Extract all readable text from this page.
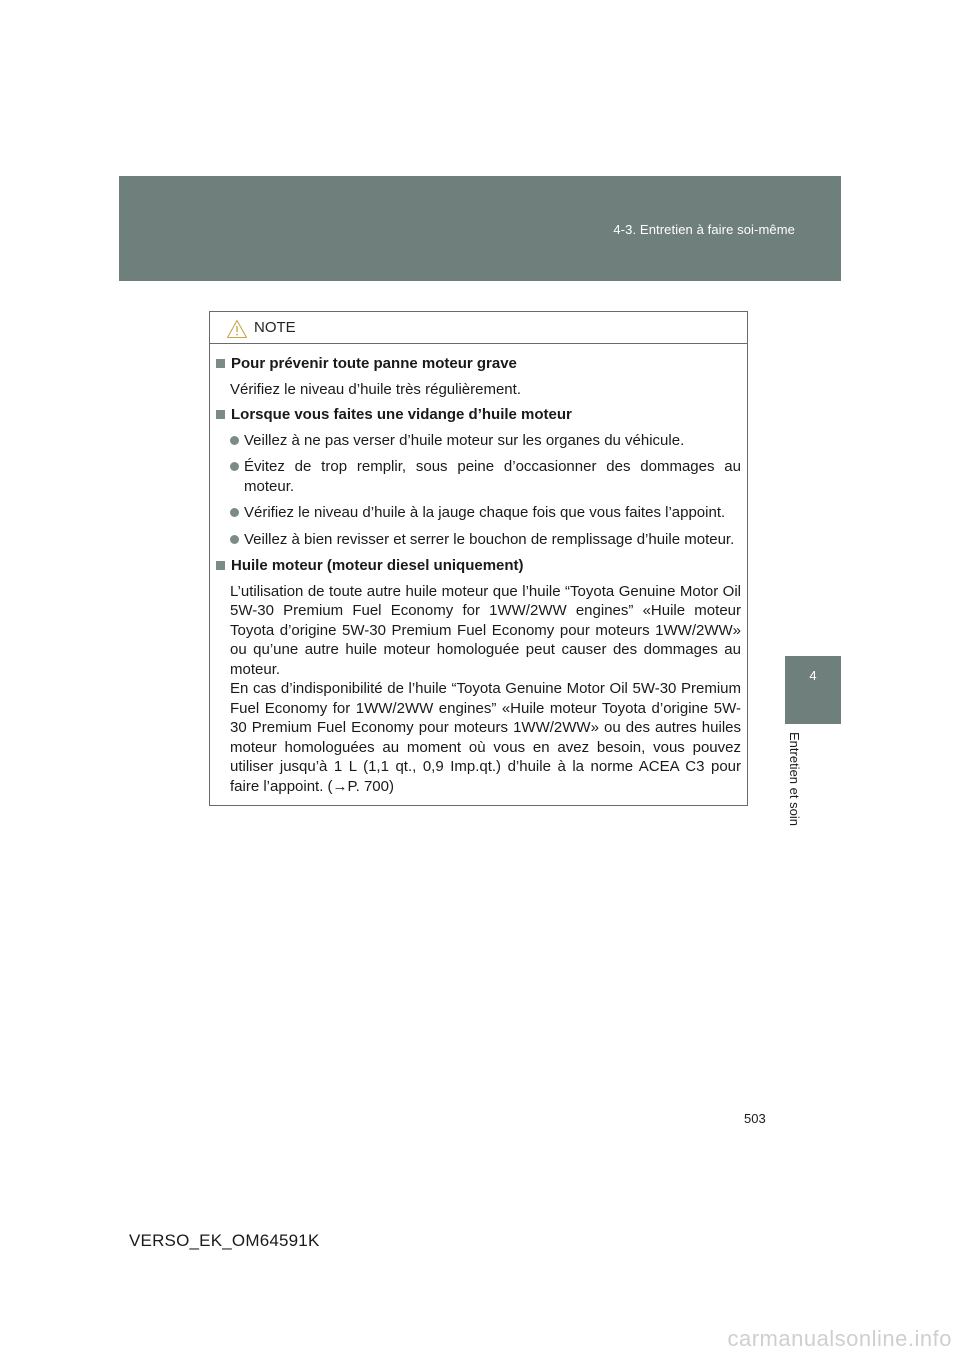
4-3. Entretien à faire soi-même
4
Entretien et soin
NOTE
Pour prévenir toute panne moteur grave

Vérifiez le niveau d’huile très régulièrement.

Lorsque vous faites une vidange d’huile moteur
Veillez à ne pas verser d’huile moteur sur les organes du véhicule.
Évitez de trop remplir, sous peine d’occasionner des dommages au moteur.
Vérifiez le niveau d’huile à la jauge chaque fois que vous faites l’appoint.
Veillez à bien revisser et serrer le bouchon de remplissage d’huile moteur.
Huile moteur (moteur diesel uniquement)

L’utilisation de toute autre huile moteur que l’huile “Toyota Genuine Motor Oil 5W-30 Premium Fuel Economy for 1WW/2WW engines” «Huile moteur Toyota d’origine 5W-30 Premium Fuel Economy pour moteurs 1WW/2WW» ou qu’une autre huile moteur homologuée peut causer des dommages au moteur.

En cas d’indisponibilité de l’huile “Toyota Genuine Motor Oil 5W-30 Premium Fuel Economy for 1WW/2WW engines” «Huile moteur Toyota d’origine 5W-30 Premium Fuel Economy pour moteurs 1WW/2WW» ou des autres huiles moteur homologuées au moment où vous en avez besoin, vous pouvez utiliser jusqu’à 1 L (1,1 qt., 0,9 Imp.qt.) d’huile à la norme ACEA C3 pour faire l’appoint. (→P. 700)

503
VERSO_EK_OM64591K
carmanualsonline.info
